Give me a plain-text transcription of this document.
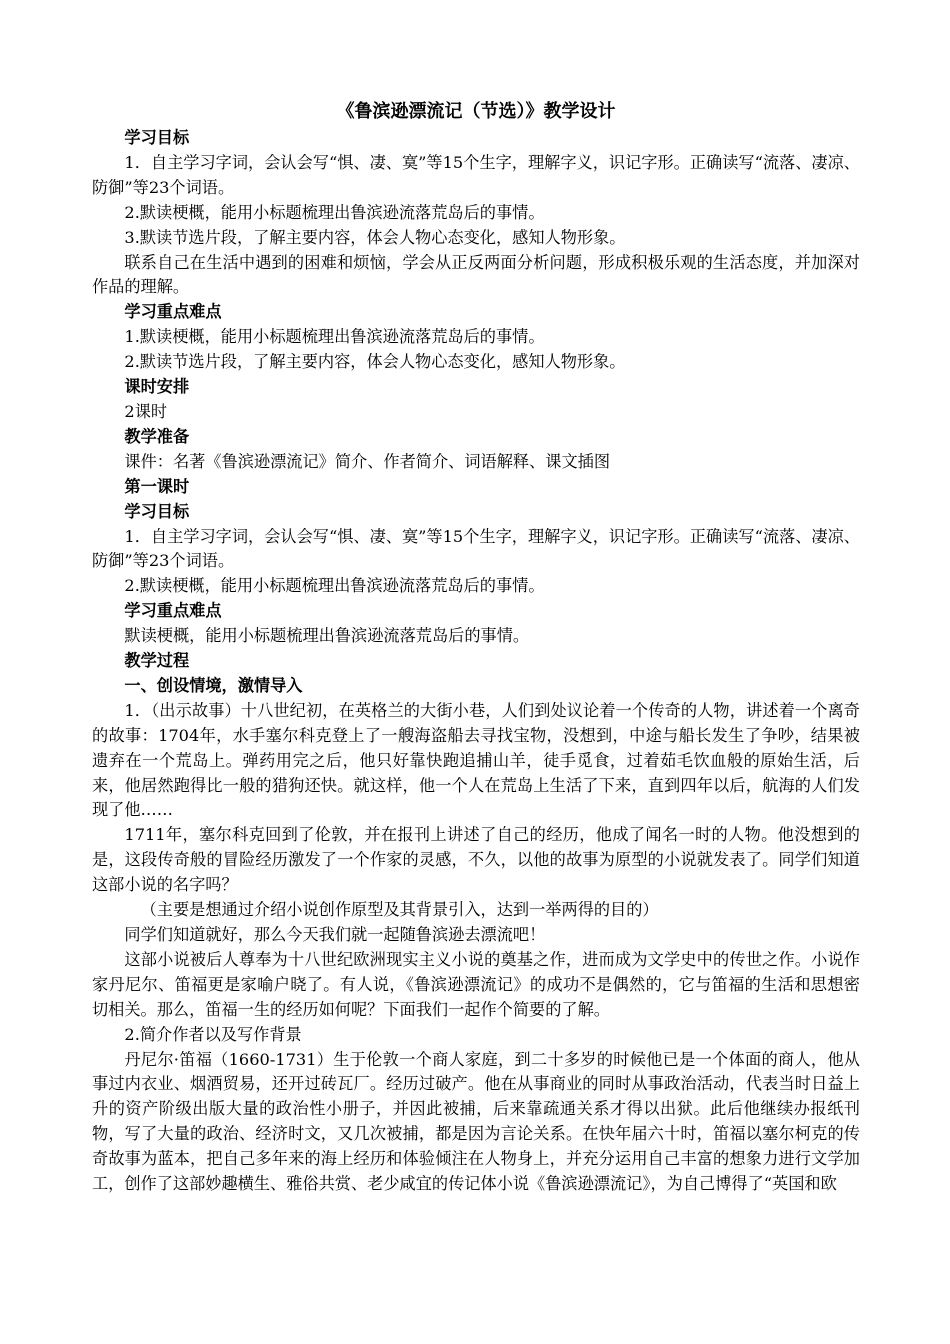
《鲁滨逊漂流记（节选）》教学设计

学习目标

1．自主学习字词，会认会写“惧、凄、寞”等15个生字，理解字义，识记字形。正确读写“流落、凄凉、防御”等23个词语。

2.默读梗概，能用小标题梳理出鲁滨逊流落荒岛后的事情。

3.默读节选片段，了解主要内容，体会人物心态变化，感知人物形象。

联系自己在生活中遇到的困难和烦恼，学会从正反两面分析问题，形成积极乐观的生活态度，并加深对作品的理解。

学习重点难点

1.默读梗概，能用小标题梳理出鲁滨逊流落荒岛后的事情。

2.默读节选片段，了解主要内容，体会人物心态变化，感知人物形象。

课时安排

2课时

教学准备

课件：名著《鲁滨逊漂流记》简介、作者简介、词语解释、课文插图

第一课时

学习目标

1．自主学习字词，会认会写“惧、凄、寞”等15个生字，理解字义，识记字形。正确读写“流落、凄凉、防御”等23个词语。

2.默读梗概，能用小标题梳理出鲁滨逊流落荒岛后的事情。

学习重点难点

默读梗概，能用小标题梳理出鲁滨逊流落荒岛后的事情。

教学过程

一、创设情境，激情导入

1．（出示故事）十八世纪初，在英格兰的大街小巷，人们到处议论着一个传奇的人物，讲述着一个离奇的故事：1704年，水手塞尔科克登上了一艘海盗船去寻找宝物，没想到，中途与船长发生了争吵，结果被遗弃在一个荒岛上。弹药用完之后，他只好靠快跑追捕山羊，徒手觅食，过着茹毛饮血般的原始生活，后来，他居然跑得比一般的猎狗还快。就这样，他一个人在荒岛上生活了下来，直到四年以后，航海的人们发现了他……

1711年，塞尔科克回到了伦敦，并在报刊上讲述了自己的经历，他成了闻名一时的人物。他没想到的是，这段传奇般的冒险经历激发了一个作家的灵感，不久，以他的故事为原型的小说就发表了。同学们知道这部小说的名字吗？

（主要是想通过介绍小说创作原型及其背景引入，达到一举两得的目的）

同学们知道就好，那么今天我们就一起随鲁滨逊去漂流吧！

这部小说被后人尊奉为十八世纪欧洲现实主义小说的奠基之作，进而成为文学史中的传世之作。小说作家丹尼尔、笛福更是家喻户晓了。有人说，《鲁滨逊漂流记》的成功不是偶然的，它与笛福的生活和思想密切相关。那么，笛福一生的经历如何呢？下面我们一起作个简要的了解。

2.简介作者以及写作背景

丹尼尔·笛福（1660-1731）生于伦敦一个商人家庭，到二十多岁的时候他已是一个体面的商人，他从事过内衣业、烟酒贸易，还开过砖瓦厂。经历过破产。他在从事商业的同时从事政治活动，代表当时日益上升的资产阶级出版大量的政治性小册子，并因此被捕，后来靠疏通关系才得以出狱。此后他继续办报纸刊物，写了大量的政治、经济时文，又几次被捕，都是因为言论关系。在快年届六十时，笛福以塞尔柯克的传奇故事为蓝本，把自己多年来的海上经历和体验倾注在人物身上，并充分运用自己丰富的想象力进行文学加工，创作了这部妙趣横生、雅俗共赏、老少咸宜的传记体小说《鲁滨逊漂流记》，为自己博得了“英国和欧
